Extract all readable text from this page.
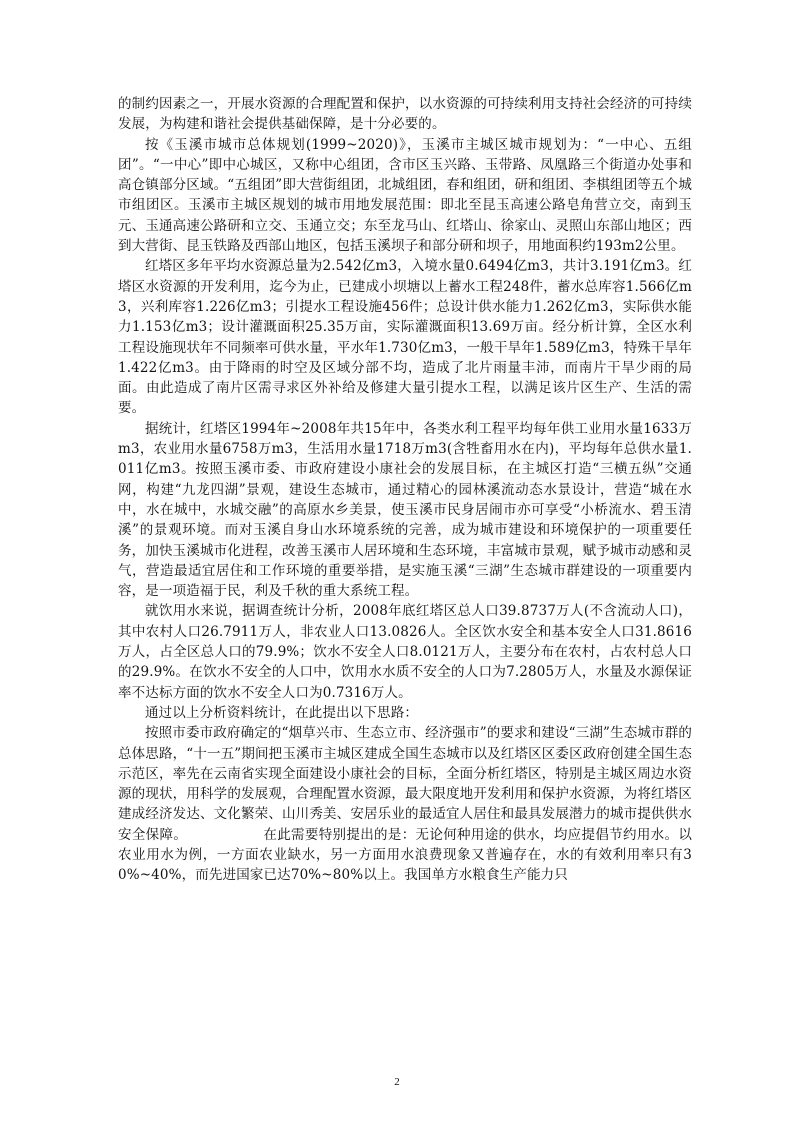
的制约因素之一，开展水资源的合理配置和保护，以水资源的可持续利用支持社会经济的可持续发展，为构建和谐社会提供基础保障，是十分必要的。

按《玉溪市城市总体规划(1999~2020)》，玉溪市主城区城市规划为：“一中心、五组团”。“一中心”即中心城区，又称中心组团，含市区玉兴路、玉带路、凤凰路三个街道办处事和高仓镇部分区域。“五组团”即大营街组团，北城组团，春和组团，研和组团、李棋组团等五个城市组团区。玉溪市主城区规划的城市用地发展范围：即北至昆玉高速公路皂角营立交，南到玉元、玉通高速公路研和立交、玉通立交；东至龙马山、红塔山、徐家山、灵照山东部山地区；西到大营街、昆玉铁路及西部山地区，包括玉溪坝子和部分研和坝子，用地面积约193m2公里。

红塔区多年平均水资源总量为2.542亿m3，入境水量0.6494亿m3，共计3.191亿m3。红塔区水资源的开发利用，迄今为止，已建成小坝塘以上蓄水工程248件，蓄水总库容1.566亿m3，兴利库容1.226亿m3；引提水工程设施456件；总设计供水能力1.262亿m3，实际供水能力1.153亿m3；设计灌溉面积25.35万亩，实际灌溉面积13.69万亩。经分析计算，全区水利工程设施现状年不同频率可供水量，平水年1.730亿m3，一般干旱年1.589亿m3，特殊干旱年1.422亿m3。由于降雨的时空及区域分部不均，造成了北片雨量丰沛，而南片干旱少雨的局面。由此造成了南片区需寻求区外补给及修建大量引提水工程，以满足该片区生产、生活的需要。

据统计，红塔区1994年~2008年共15年中，各类水利工程平均每年供工业用水量1633万m3，农业用水量6758万m3，生活用水量1718万m3(含牲畜用水在内)，平均每年总供水量1.011亿m3。按照玉溪市委、市政府建设小康社会的发展目标，在主城区打造“三横五纵”交通网，构建“九龙四湖”景观，建设生态城市，通过精心的园林溪流动态水景设计，营造“城在水中，水在城中，水城交融”的高原水乡美景，使玉溪市民身居闹市亦可享受“小桥流水、碧玉清溪”的景观环境。而对玉溪自身山水环境系统的完善，成为城市建设和环境保护的一项重要任务，加快玉溪城市化进程，改善玉溪市人居环境和生态环境，丰富城市景观，赋予城市动感和灵气，营造最适宜居住和工作环境的重要举措，是实施玉溪“三湖”生态城市群建设的一项重要内容，是一项造福于民，利及千秋的重大系统工程。

就饮用水来说，据调查统计分析，2008年底红塔区总人口39.8737万人(不含流动人口)，其中农村人口26.7911万人，非农业人口13.0826人。全区饮水安全和基本安全人口31.8616万人，占全区总人口的79.9%；饮水不安全人口8.0121万人，主要分布在农村，占农村总人口的29.9%。在饮水不安全的人口中，饮用水水质不安全的人口为7.2805万人，水量及水源保证率不达标方面的饮水不安全人口为0.7316万人。

通过以上分析资料统计，在此提出以下思路：

按照市委市政府确定的“烟草兴市、生态立市、经济强市”的要求和建设“三湖”生态城市群的总体思路，“十一五”期间把玉溪市主城区建成全国生态城市以及红塔区区委区政府创建全国生态示范区，率先在云南省实现全面建设小康社会的目标，全面分析红塔区，特别是主城区周边水资源的现状，用科学的发展观，合理配置水资源，最大限度地开发利用和保护水资源，为将红塔区建成经济发达、文化繁荣、山川秀美、安居乐业的最适宜人居住和最具发展潜力的城市提供供水安全保障。　　　　　　在此需要特别提出的是：无论何种用途的供水，均应提倡节约用水。以农业用水为例，一方面农业缺水，另一方面用水浪费现象又普遍存在，水的有效利用率只有30%~40%，而先进国家已达70%~80%以上。我国单方水粮食生产能力只

2
